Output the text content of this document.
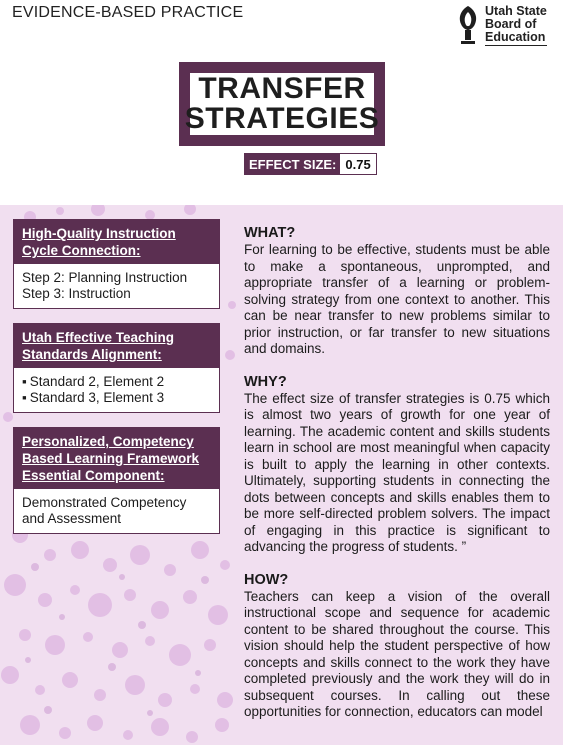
EVIDENCE-BASED PRACTICE	Utah State
Board of
Education
TRANSFER
STRATEGIES
EFFECT SIZE: 0.75
High-Quality Instruction
Cycle Connection:
Step 2: Planning Instruction
Step 3: Instruction
Utah Effective Teaching
Standards Alignment:
▪ Standard 2, Element 2
▪ Standard 3, Element 3
Personalized, Competency
Based Learning Framework
Essential Component:
Demonstrated Competency
and Assessment
WHAT?

For learning to be effective, students must be able to make a spontaneous, unprompted, and appropriate transfer of a learning or problem-solving strategy from one context to another. This can be near transfer to new problems similar to prior instruction, or far transfer to new situations and domains.

WHY?

The effect size of transfer strategies is 0.75 which is almost two years of growth for one year of learning. The academic content and skills students learn in school are most meaningful when capacity is built to apply the learning in other contexts. Ultimately, supporting students in connecting the dots between concepts and skills enables them to be more self-directed problem solvers. The impact of engaging in this practice is significant to advancing the progress of students. ”

HOW?

Teachers can keep a vision of the overall instructional scope and sequence for academic content to be shared throughout the course. This vision should help the student perspective of how concepts and skills connect to the work they have completed previously and the work they will do in subsequent courses. In calling out these opportunities for connection, educators can model
